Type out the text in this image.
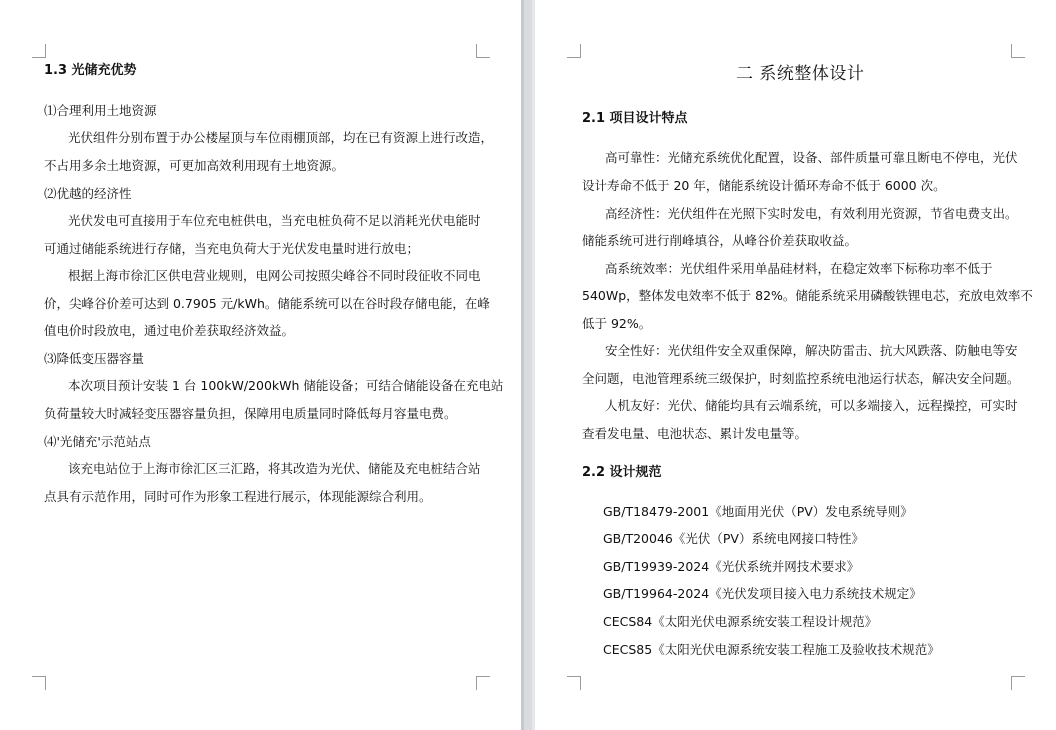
1.3 光储充优势
⑴合理利用土地资源
光伏组件分别布置于办公楼屋顶与车位雨棚顶部，均在已有资源上进行改造，
不占用多余土地资源，可更加高效利用现有土地资源。
⑵优越的经济性
光伏发电可直接用于车位充电桩供电，当充电桩负荷不足以消耗光伏电能时
可通过储能系统进行存储，当充电负荷大于光伏发电量时进行放电；
根据上海市徐汇区供电营业规则，电网公司按照尖峰谷不同时段征收不同电
价，尖峰谷价差可达到 0.7905 元/kWh。储能系统可以在谷时段存储电能，在峰
值电价时段放电，通过电价差获取经济效益。
⑶降低变压器容量
本次项目预计安装 1 台 100kW/200kWh 储能设备；可结合储能设备在充电站
负荷量较大时减轻变压器容量负担，保障用电质量同时降低每月容量电费。
⑷'光储充'示范站点
该充电站位于上海市徐汇区三汇路，将其改造为光伏、储能及充电桩结合站
点具有示范作用，同时可作为形象工程进行展示，体现能源综合利用。
二 系统整体设计
2.1 项目设计特点
高可靠性：光储充系统优化配置，设备、部件质量可靠且断电不停电，光伏
设计寿命不低于 20 年，储能系统设计循环寿命不低于 6000 次。
高经济性：光伏组件在光照下实时发电，有效利用光资源，节省电费支出。
储能系统可进行削峰填谷，从峰谷价差获取收益。
高系统效率：光伏组件采用单晶硅材料，在稳定效率下标称功率不低于
540Wp，整体发电效率不低于 82%。储能系统采用磷酸铁锂电芯，充放电效率不
低于 92%。
安全性好：光伏组件安全双重保障，解决防雷击、抗大风跌落、防触电等安
全问题，电池管理系统三级保护，时刻监控系统电池运行状态，解决安全问题。
人机友好：光伏、储能均具有云端系统，可以多端接入，远程操控，可实时
查看发电量、电池状态、累计发电量等。
2.2 设计规范
GB/T18479-2001《地面用光伏（PV）发电系统导则》
GB/T20046《光伏（PV）系统电网接口特性》
GB/T19939-2024《光伏系统并网技术要求》
GB/T19964-2024《光伏发项目接入电力系统技术规定》
CECS84《太阳光伏电源系统安装工程设计规范》
CECS85《太阳光伏电源系统安装工程施工及验收技术规范》
